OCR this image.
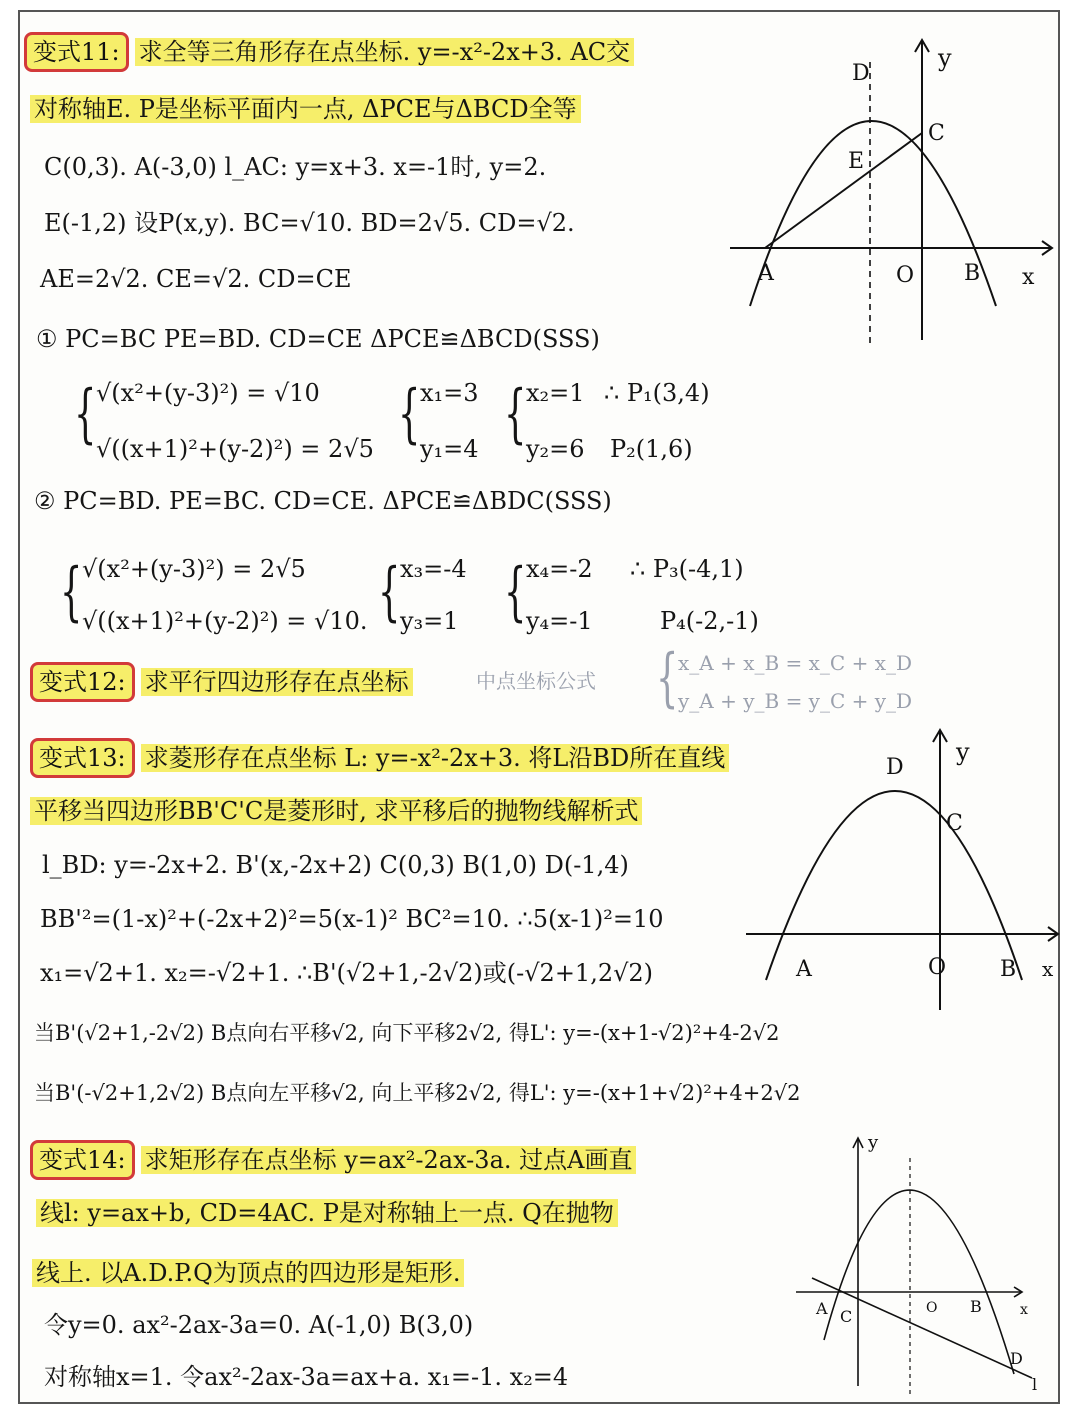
变式11: 求全等三角形存在点坐标. y=-x²-2x+3. AC交
对称轴E. P是坐标平面内一点, ΔPCE与ΔBCD全等
C(0,3). A(-3,0) l_AC: y=x+3. x=-1时, y=2.
E(-1,2) 设P(x,y). BC=√10. BD=2√5. CD=√2.
AE=2√2. CE=√2. CD=CE
① PC=BC PE=BD. CD=CE ΔPCE≌ΔBCD(SSS)
{ √(x²+(y-3)²) = √10
√((x+1)²+(y-2)²) = 2√5 { x₁=3
y₁=4 { x₂=1
y₂=6
∴ P₁(3,4)
P₂(1,6)
② PC=BD. PE=BC. CD=CE. ΔPCE≌ΔBDC(SSS)
{ √(x²+(y-3)²) = 2√5
√((x+1)²+(y-2)²) = √10. { x₃=-4
y₃=1 { x₄=-2
y₄=-1
∴ P₃(-4,1)
P₄(-2,-1)
D
E
C
A	O B x
y
变式12: 求平行四边形存在点坐标	中点坐标公式 { x_A + x_B = x_C + x_D
y_A + y_B = y_C + y_D
变式13: 求菱形存在点坐标 L: y=-x²-2x+3. 将L沿BD所在直线
平移当四边形BB'C'C是菱形时, 求平移后的抛物线解析式
l_BD: y=-2x+2. B'(x,-2x+2) C(0,3) B(1,0) D(-1,4)
BB'²=(1-x)²+(-2x+2)²=5(x-1)² BC²=10. ∴5(x-1)²=10
x₁=√2+1. x₂=-√2+1. ∴B'(√2+1,-2√2)或(-√2+1,2√2)
当B'(√2+1,-2√2) B点向右平移√2, 向下平移2√2, 得L': y=-(x+1-√2)²+4-2√2
当B'(-√2+1,2√2) B点向左平移√2, 向上平移2√2, 得L': y=-(x+1+√2)²+4+2√2
D
C
A	O B x
y
变式14: 求矩形存在点坐标 y=ax²-2ax-3a. 过点A画直
线l: y=ax+b, CD=4AC. P是对称轴上一点. Q在抛物
线上. 以A.D.P.Q为顶点的四边形是矩形.
令y=0. ax²-2ax-3a=0. A(-1,0) B(3,0)
对称轴x=1. 令ax²-2ax-3a=ax+a. x₁=-1. x₂=4
A C	O B
D
l
x
y
